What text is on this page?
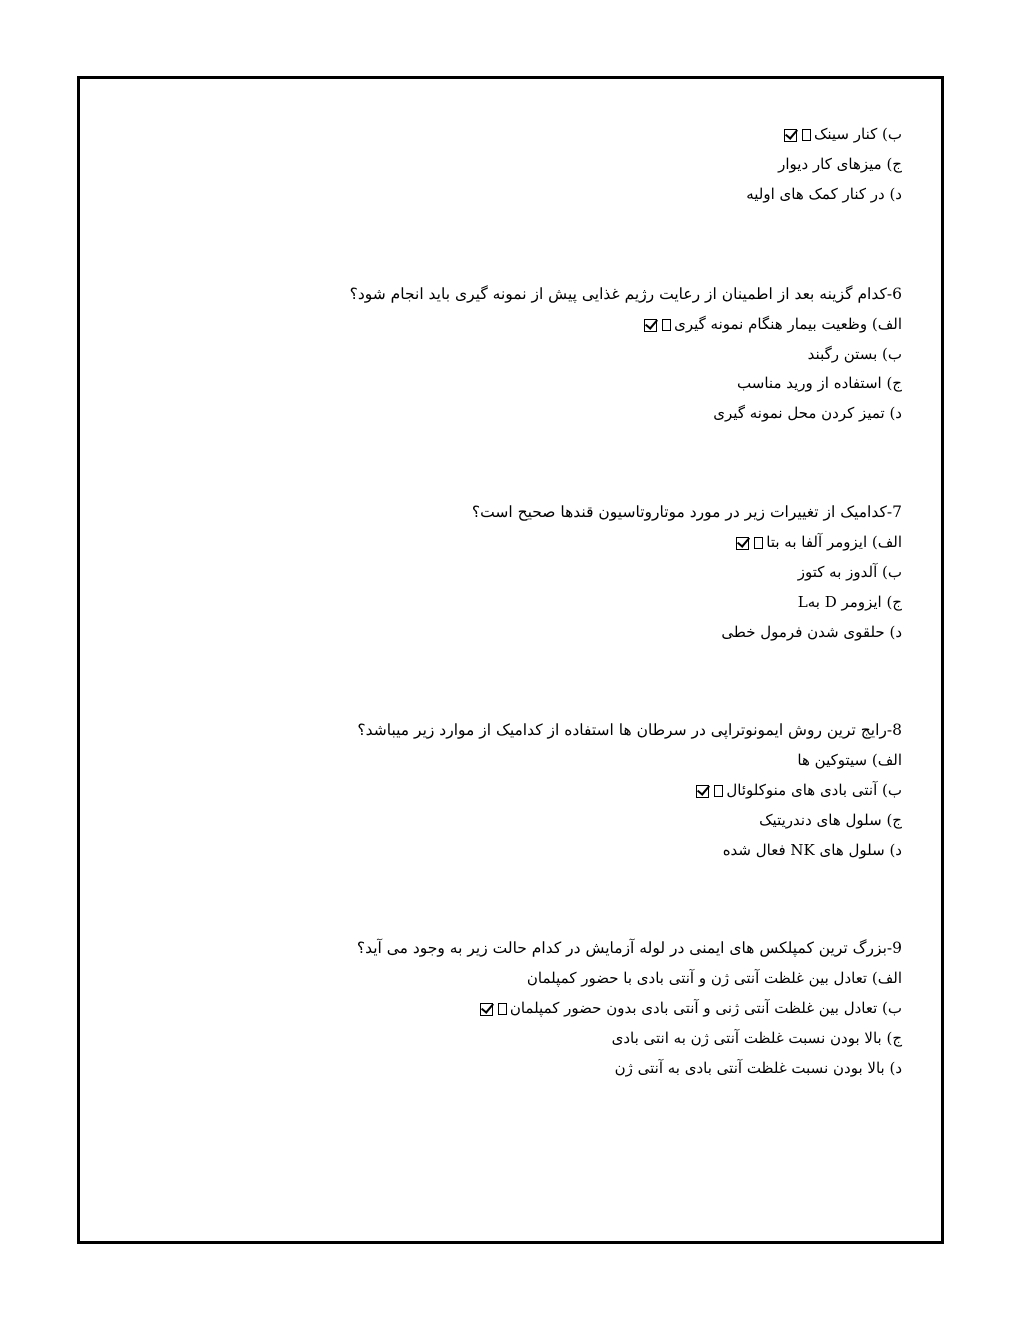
ب) کنار سینک
ج) میزهای کار دیوار
د) در کنار کمک های اولیه
6-کدام گزینه بعد از اطمینان از رعایت رژیم غذایی پیش از نمونه گیری باید انجام شود؟
الف) وظعیت بیمار هنگام نمونه گیری
ب) بستن رگبند
ج) استفاده از ورید مناسب
د) تمیز کردن محل نمونه گیری
7-کدامیک از تغییرات زیر در مورد موتاروتاسیون قندها صحیح است؟
الف) ایزومر آلفا به بتا
ب) آلدوز به کتوز
ج) ایزومر D بهL
د) حلقوی شدن فرمول خطی
8-رایج ترین روش ایمونوتراپی در سرطان ها استفاده از کدامیک از موارد زیر میباشد؟
الف) سیتوکین ها
ب) آنتی بادی های منوکلوئال
ج) سلول های دندریتیک
د) سلول های NK فعال شده
9-بزرگ ترین کمپلکس های ایمنی در لوله آزمایش در کدام حالت زیر به وجود می آید؟
الف) تعادل بین غلظت آنتی ژن و آنتی بادی با حضور کمپلمان
ب) تعادل بین غلظت آنتی ژنی و آنتی بادی بدون حضور کمپلمان
ج) بالا بودن نسبت غلظت آنتی ژن به انتی بادی
د) بالا بودن نسبت غلظت آنتی بادی به آنتی ژن
